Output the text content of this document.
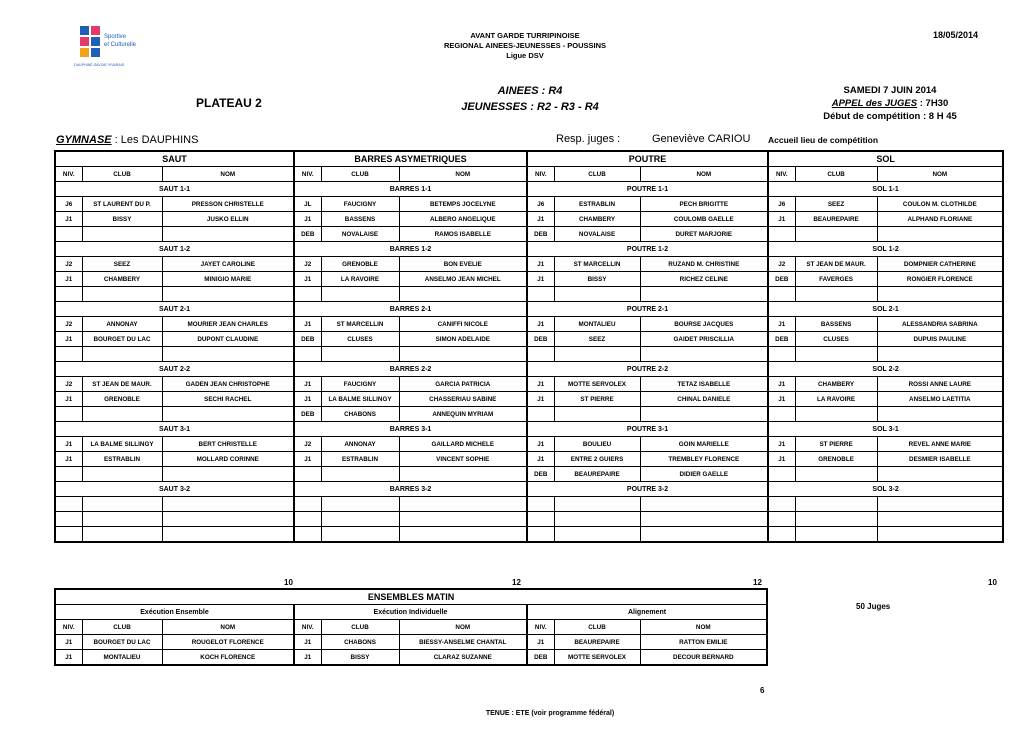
Sportive
et Culturelle
DAUPHINÉ-SAVOIE VIVARAIS
AVANT GARDE TURRIPINOISE
REGIONAL AINEES-JEUNESSES - POUSSINS
Ligue DSV
18/05/2014
PLATEAU 2
AINEES : R4
JEUNESSES : R2 - R3 - R4
SAMEDI 7 JUIN 2014
APPEL des JUGES : 7H30
Début de compétition : 8 H 45
GYMNASE : Les DAUPHINS	Resp. juges :	Geneviève CARIOU Accueil lieu de compétition
SAUT			BARRES ASYMETRIQUES			POUTRE			SOL		
NIV.	CLUB	NOM	NIV.	CLUB	NOM	NIV.	CLUB	NOM	NIV.	CLUB	NOM
SAUT 1-1			BARRES 1-1			POUTRE 1-1			SOL 1-1		
J6	ST LAURENT DU P.	PRESSON CHRISTELLE	JL	FAUCIGNY	BETEMPS JOCELYNE	J6	ESTRABLIN	PECH BRIGITTE	J6	SEEZ	COULON M. CLOTHILDE
J1	BISSY	JUSKO ELLIN	J1	BASSENS	ALBERO ANGELIQUE	J1	CHAMBERY	COULOMB GAELLE	J1	BEAUREPAIRE	ALPHAND FLORIANE
			DEB	NOVALAISE	RAMOS ISABELLE	DEB	NOVALAISE	DURET MARJORIE			
SAUT 1-2			BARRES 1-2			POUTRE 1-2			SOL 1-2		
J2	SEEZ	JAYET CAROLINE	J2	GRENOBLE	BON EVELIE	J1	ST MARCELLIN	RUZAND M. CHRISTINE	J2	ST JEAN DE MAUR.	DOMPNIER CATHERINE
J1	CHAMBERY	MINIGIO MARIE	J1	LA RAVOIRE	ANSELMO JEAN MICHEL	J1	BISSY	RICHEZ CELINE	DEB	FAVERGES	RONGIER FLORENCE

SAUT 2-1			BARRES 2-1			POUTRE 2-1			SOL 2-1		
J2	ANNONAY	MOURIER JEAN CHARLES	J1	ST MARCELLIN	CANIFFI NICOLE	J1	MONTALIEU	BOURSE JACQUES	J1	BASSENS	ALESSANDRIA SABRINA
J1	BOURGET DU LAC	DUPONT CLAUDINE	DEB	CLUSES	SIMON ADELAIDE	DEB	SEEZ	GAIDET PRISCILLIA	DEB	CLUSES	DUPUIS PAULINE

SAUT 2-2			BARRES 2-2			POUTRE 2-2			SOL 2-2		
J2	ST JEAN DE MAUR.	GADEN JEAN CHRISTOPHE	J1	FAUCIGNY	GARCIA PATRICIA	J1	MOTTE SERVOLEX	TETAZ ISABELLE	J1	CHAMBERY	ROSSI ANNE LAURE
J1	GRENOBLE	SECHI RACHEL	J1	LA BALME SILLINGY	CHASSERIAU SABINE	J1	ST PIERRE	CHINAL DANIELE	J1	LA RAVOIRE	ANSELMO LAETITIA
			DEB	CHABONS	ANNEQUIN MYRIAM						
SAUT 3-1			BARRES 3-1			POUTRE 3-1			SOL 3-1		
J1	LA BALME SILLINGY	BERT CHRISTELLE	J2	ANNONAY	GAILLARD MICHELE	J1	BOULIEU	GOIN MARIELLE	J1	ST PIERRE	REVEL ANNE MARIE
J1	ESTRABLIN	MOLLARD CORINNE	J1	ESTRABLIN	VINCENT SOPHIE	J1	ENTRE 2 GUIERS	TREMBLEY FLORENCE	J1	GRENOBLE	DESMIER ISABELLE
						DEB	BEAUREPAIRE	DIDIER GAELLE			
SAUT 3-2			BARRES 3-2			POUTRE 3-2			SOL 3-2		

10	12	12	10
ENSEMBLES MATIN								
Exécution Ensemble			Exécution Individuelle			Alignement		
NIV.	CLUB	NOM	NIV.	CLUB	NOM	NIV.	CLUB	NOM
J1	BOURGET DU LAC	ROUGELOT FLORENCE	J1	CHABONS	BIESSY-ANSELME CHANTAL	J1	BEAUREPAIRE	RATTON EMILIE
J1	MONTALIEU	KOCH FLORENCE	J1	BISSY	CLARAZ SUZANNE	DEB	MOTTE SERVOLEX	DECOUR BERNARD
6
50 Juges
TENUE : ETE (voir programme fédéral)
